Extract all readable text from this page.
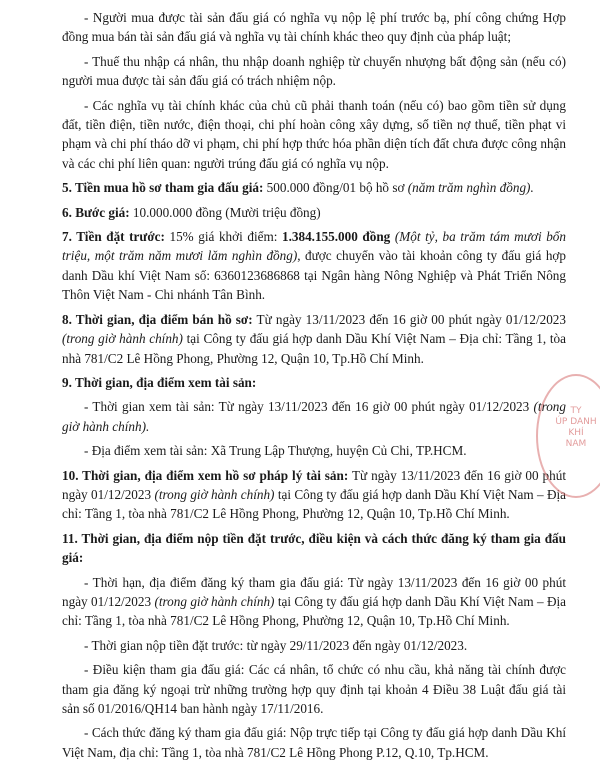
- Người mua được tài sản đấu giá có nghĩa vụ nộp lệ phí trước bạ, phí công chứng Hợp đồng mua bán tài sản đấu giá và nghĩa vụ tài chính khác theo quy định của pháp luật;

- Thuế thu nhập cá nhân, thu nhập doanh nghiệp từ chuyển nhượng bất động sản (nếu có) người mua được tài sản đấu giá có trách nhiệm nộp.

- Các nghĩa vụ tài chính khác của chủ cũ phải thanh toán (nếu có) bao gồm tiền sử dụng đất, tiền điện, tiền nước, điện thoại, chi phí hoàn công xây dựng, số tiền nợ thuế, tiền phạt vi phạm và chi phí tháo dỡ vi phạm, chi phí hợp thức hóa phần diện tích đất chưa được công nhận và các chi phí liên quan: người trúng đấu giá có nghĩa vụ nộp.

5. Tiền mua hồ sơ tham gia đấu giá: 500.000 đồng/01 bộ hồ sơ (năm trăm nghìn đồng).

6. Bước giá: 10.000.000 đồng (Mười triệu đồng)

7. Tiền đặt trước: 15% giá khởi điểm: 1.384.155.000 đồng (Một tỷ, ba trăm tám mươi bốn triệu, một trăm năm mươi lăm nghìn đồng), được chuyển vào tài khoản công ty đấu giá hợp danh Dầu khí Việt Nam số: 6360123686868 tại Ngân hàng Nông Nghiệp và Phát Triển Nông Thôn Việt Nam - Chi nhánh Tân Bình.

8. Thời gian, địa điểm bán hồ sơ: Từ ngày 13/11/2023 đến 16 giờ 00 phút ngày 01/12/2023 (trong giờ hành chính) tại Công ty đấu giá hợp danh Dầu Khí Việt Nam – Địa chỉ: Tầng 1, tòa nhà 781/C2 Lê Hồng Phong, Phường 12, Quận 10, Tp.Hồ Chí Minh.

9. Thời gian, địa điểm xem tài sản:

- Thời gian xem tài sản: Từ ngày 13/11/2023 đến 16 giờ 00 phút ngày 01/12/2023 (trong giờ hành chính).

- Địa điểm xem tài sản: Xã Trung Lập Thượng, huyện Củ Chi, TP.HCM.

10. Thời gian, địa điểm xem hồ sơ pháp lý tài sản: Từ ngày 13/11/2023 đến 16 giờ 00 phút ngày 01/12/2023 (trong giờ hành chính) tại Công ty đấu giá hợp danh Dầu Khí Việt Nam – Địa chỉ: Tầng 1, tòa nhà 781/C2 Lê Hồng Phong, Phường 12, Quận 10, Tp.Hồ Chí Minh.

11. Thời gian, địa điểm nộp tiền đặt trước, điều kiện và cách thức đăng ký tham gia đấu giá:

- Thời hạn, địa điểm đăng ký tham gia đấu giá: Từ ngày 13/11/2023 đến 16 giờ 00 phút ngày 01/12/2023 (trong giờ hành chính) tại Công ty đấu giá hợp danh Dầu Khí Việt Nam – Địa chỉ: Tầng 1, tòa nhà 781/C2 Lê Hồng Phong, Phường 12, Quận 10, Tp.Hồ Chí Minh.

- Thời gian nộp tiền đặt trước: từ ngày 29/11/2023 đến ngày 01/12/2023.

- Điều kiện tham gia đấu giá: Các cá nhân, tổ chức có nhu cầu, khả năng tài chính được tham gia đăng ký ngoại trừ những trường hợp quy định tại khoản 4 Điều 38 Luật đấu giá tài sản số 01/2016/QH14 ban hành ngày 17/11/2016.

- Cách thức đăng ký tham gia đấu giá: Nộp trực tiếp tại Công ty đấu giá hợp danh Dầu Khí Việt Nam, địa chỉ: Tầng 1, tòa nhà 781/C2 Lê Hồng Phong P.12, Q.10, Tp.HCM.

TY
ÚP DANH
KHÍ
NAM
